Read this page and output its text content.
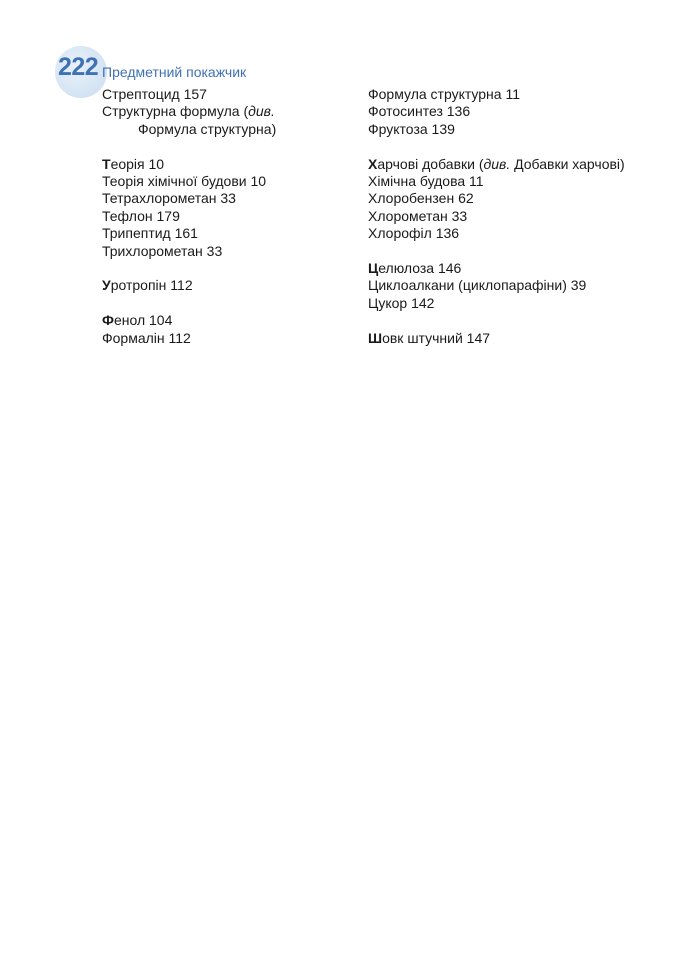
222 Предметний покажчик
Стрептоцид 157
Структурна формула (див.
Формула структурна)
Теорія 10
Теорія хімічної будови 10
Тетрахлорометан 33
Тефлон 179
Трипептид 161
Трихлорометан 33
Уротропін 112
Фенол 104
Формалін 112
Формула структурна 11
Фотосинтез 136
Фруктоза 139
Харчові добавки (див. Добавки харчові)
Хімічна будова 11
Хлоробензен 62
Хлорометан 33
Хлорофіл 136
Целюлоза 146
Циклоалкани (циклопарафіни) 39
Цукор 142
Шовк штучний 147
